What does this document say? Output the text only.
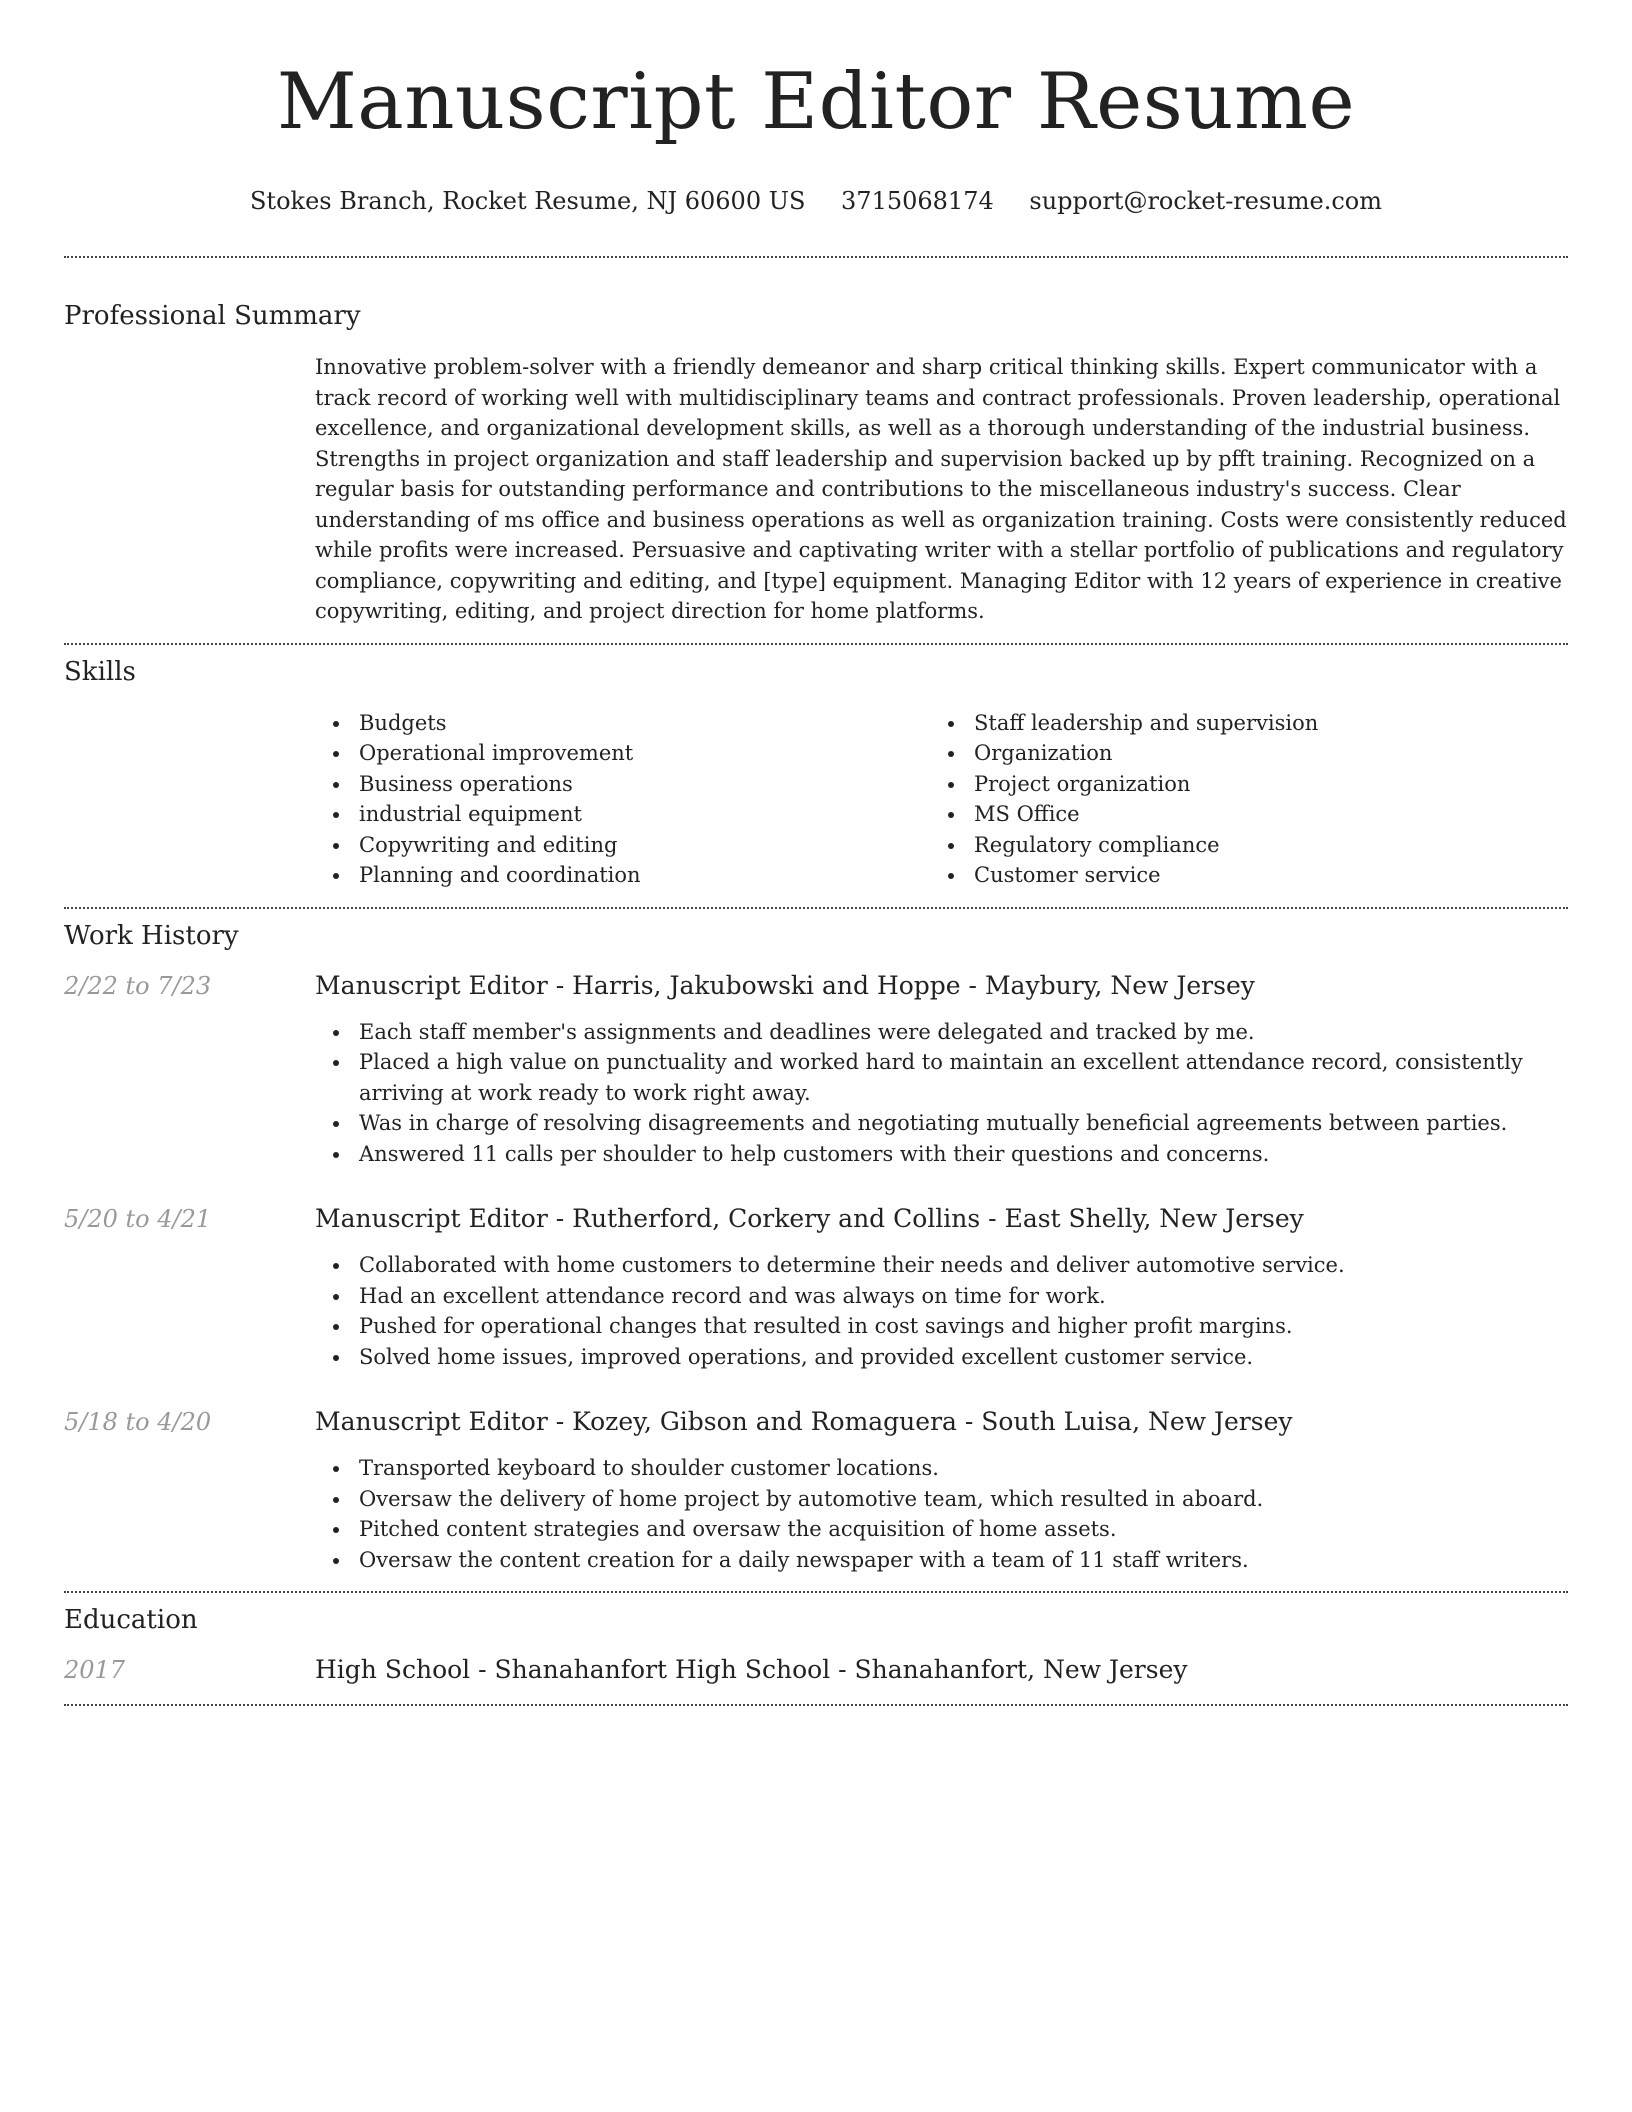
Manuscript Editor Resume
Stokes Branch, Rocket Resume, NJ 60600 US 3715068174 support@rocket-resume.com
Professional Summary

Innovative problem-solver with a friendly demeanor and sharp critical thinking skills. Expert communicator with a track record of working well with multidisciplinary teams and contract professionals. Proven leadership, operational excellence, and organizational development skills, as well as a thorough understanding of the industrial business. Strengths in project organization and staff leadership and supervision backed up by pfft training. Recognized on a regular basis for outstanding performance and contributions to the miscellaneous industry's success. Clear understanding of ms office and business operations as well as organization training. Costs were consistently reduced while profits were increased. Persuasive and captivating writer with a stellar portfolio of publications and regulatory compliance, copywriting and editing, and [type] equipment. Managing Editor with 12 years of experience in creative copywriting, editing, and project direction for home platforms.

Skills
Budgets
Operational improvement
Business operations
industrial equipment
Copywriting and editing
Planning and coordination
Staff leadership and supervision
Organization
Project organization
MS Office
Regulatory compliance
Customer service
Work History
2/22 to 7/23	Manuscript Editor - Harris, Jakubowski and Hoppe - Maybury, New Jersey
Each staff member's assignments and deadlines were delegated and tracked by me.
Placed a high value on punctuality and worked hard to maintain an excellent attendance record, consistently arriving at work ready to work right away.
Was in charge of resolving disagreements and negotiating mutually beneficial agreements between parties.
Answered 11 calls per shoulder to help customers with their questions and concerns.
5/20 to 4/21	Manuscript Editor - Rutherford, Corkery and Collins - East Shelly, New Jersey
Collaborated with home customers to determine their needs and deliver automotive service.
Had an excellent attendance record and was always on time for work.
Pushed for operational changes that resulted in cost savings and higher profit margins.
Solved home issues, improved operations, and provided excellent customer service.
5/18 to 4/20	Manuscript Editor - Kozey, Gibson and Romaguera - South Luisa, New Jersey
Transported keyboard to shoulder customer locations.
Oversaw the delivery of home project by automotive team, which resulted in aboard.
Pitched content strategies and oversaw the acquisition of home assets.
Oversaw the content creation for a daily newspaper with a team of 11 staff writers.
Education
2017	High School - Shanahanfort High School - Shanahanfort, New Jersey
